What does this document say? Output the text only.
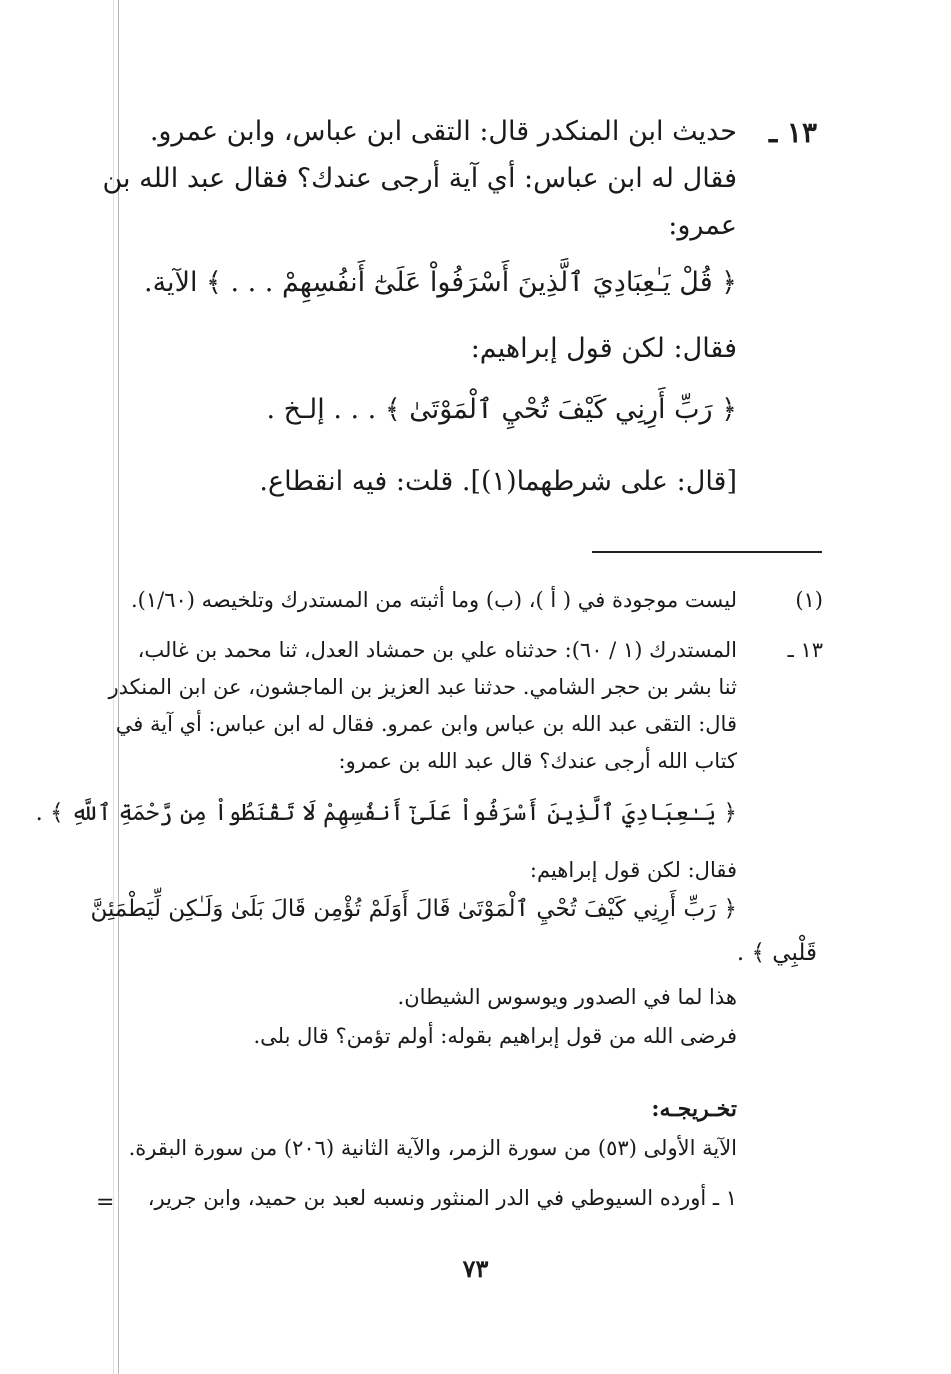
١٣ ـ
حديث ابن المنكدر قال: التقى ابن عباس، وابن عمرو.
فقال له ابن عباس: أي آية أرجى عندك؟ فقال عبد الله بن
عمرو:
﴿ قُلْ يَـٰعِبَادِيَ ٱلَّذِينَ أَسْرَفُواْ عَلَىٰٓ أَنفُسِهِمْ . . . ﴾ الآية.
فقال: لكن قول إبراهيم:
﴿ رَبِّ أَرِنِي كَيْفَ تُحْيِ ٱلْمَوْتَىٰ ﴾ . . . إلـخ .
[قال: على شرطهما(١)]. قلت: فيه انقطاع.
(١)
ليست موجودة في ( أ )، (ب) وما أثبته من المستدرك وتلخيصه (١/٦٠).
١٣ ـ
المستدرك (١ / ٦٠): حدثناه علي بن حمشاد العدل، ثنا محمد بن غالب،
ثنا بشر بن حجر الشامي. حدثنا عبد العزيز بن الماجشون، عن ابن المنكدر
قال: التقى عبد الله بن عباس وابن عمرو. فقال له ابن عباس: أي آية في
كتاب الله أرجى عندك؟ قال عبد الله بن عمرو:
﴿ يَـٰعِبَادِيَ ٱلَّذِينَ أَسْرَفُواْ عَلَىٰٓ أَنفُسِهِمْ لَا تَقْنَطُواْ مِن رَّحْمَةِ ٱللَّهِ ﴾ .
فقال: لكن قول إبراهيم:
﴿ رَبِّ أَرِنِي كَيْفَ تُحْيِ ٱلْمَوْتَىٰ قَالَ أَوَلَمْ تُؤْمِن قَالَ بَلَىٰ وَلَـٰكِن لِّيَطْمَئِنَّ
قَلْبِي ﴾ .
هذا لما في الصدور ويوسوس الشيطان.
فرضى الله من قول إبراهيم بقوله: أولم تؤمن؟ قال بلى.
تخـريجـه:
الآية الأولى (٥٣) من سورة الزمر، والآية الثانية (٢٠٦) من سورة البقرة.
١ ـ أورده السيوطي في الدر المنثور ونسبه لعبد بن حميد، وابن جرير،
=
٧٣
